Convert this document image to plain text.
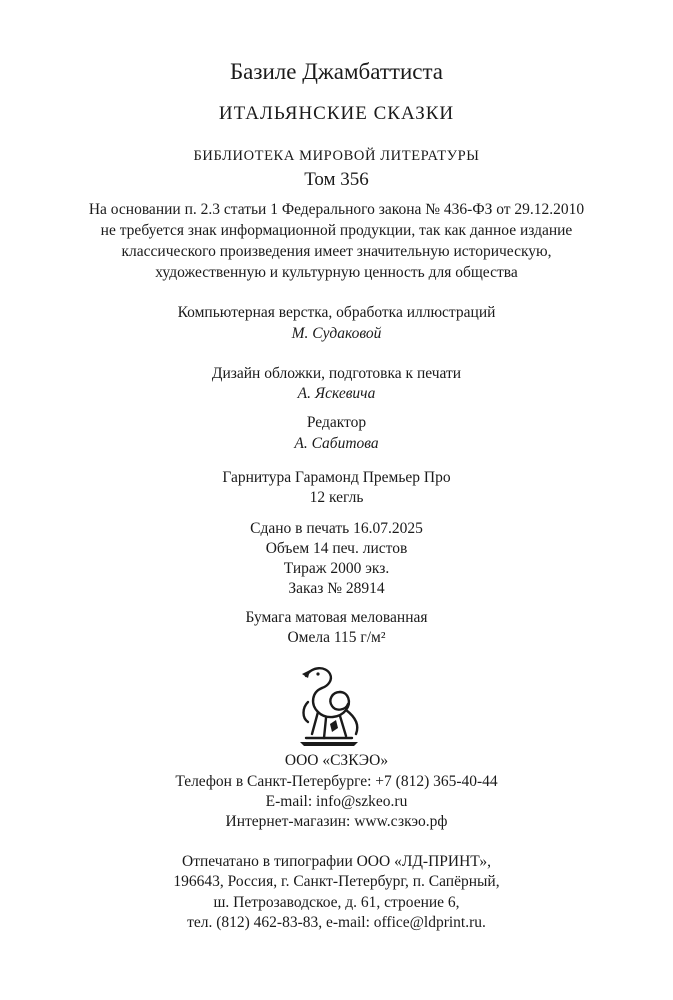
Базиле Джамбаттиста
ИТАЛЬЯНСКИЕ СКАЗКИ
БИБЛИОТЕКА МИРОВОЙ ЛИТЕРАТУРЫ
Том 356
На основании п. 2.3 статьи 1 Федерального закона № 436-ФЗ от 29.12.2010
не требуется знак информационной продукции, так как данное издание
классического произведения имеет значительную историческую,
художественную и культурную ценность для общества
Компьютерная верстка, обработка иллюстраций
М. Судаковой
Дизайн обложки, подготовка к печати
А. Яскевича
Редактор
А. Сабитова
Гарнитура Гарамонд Премьер Про
12 кегль
Сдано в печать 16.07.2025
Объем 14 печ. листов
Тираж 2000 экз.
Заказ № 28914
Бумага матовая мелованная
Омела 115 г/м²
ООО «СЗКЭО»
Телефон в Санкт-Петербурге: +7 (812) 365-40-44
E-mail: info@szkeo.ru
Интернет-магазин: www.сзкэо.рф
Отпечатано в типографии ООО «ЛД-ПРИНТ»,
196643, Россия, г. Санкт-Петербург, п. Сапёрный,
ш. Петрозаводское, д. 61, строение 6,
тел. (812) 462-83-83, e-mail: office@ldprint.ru.
